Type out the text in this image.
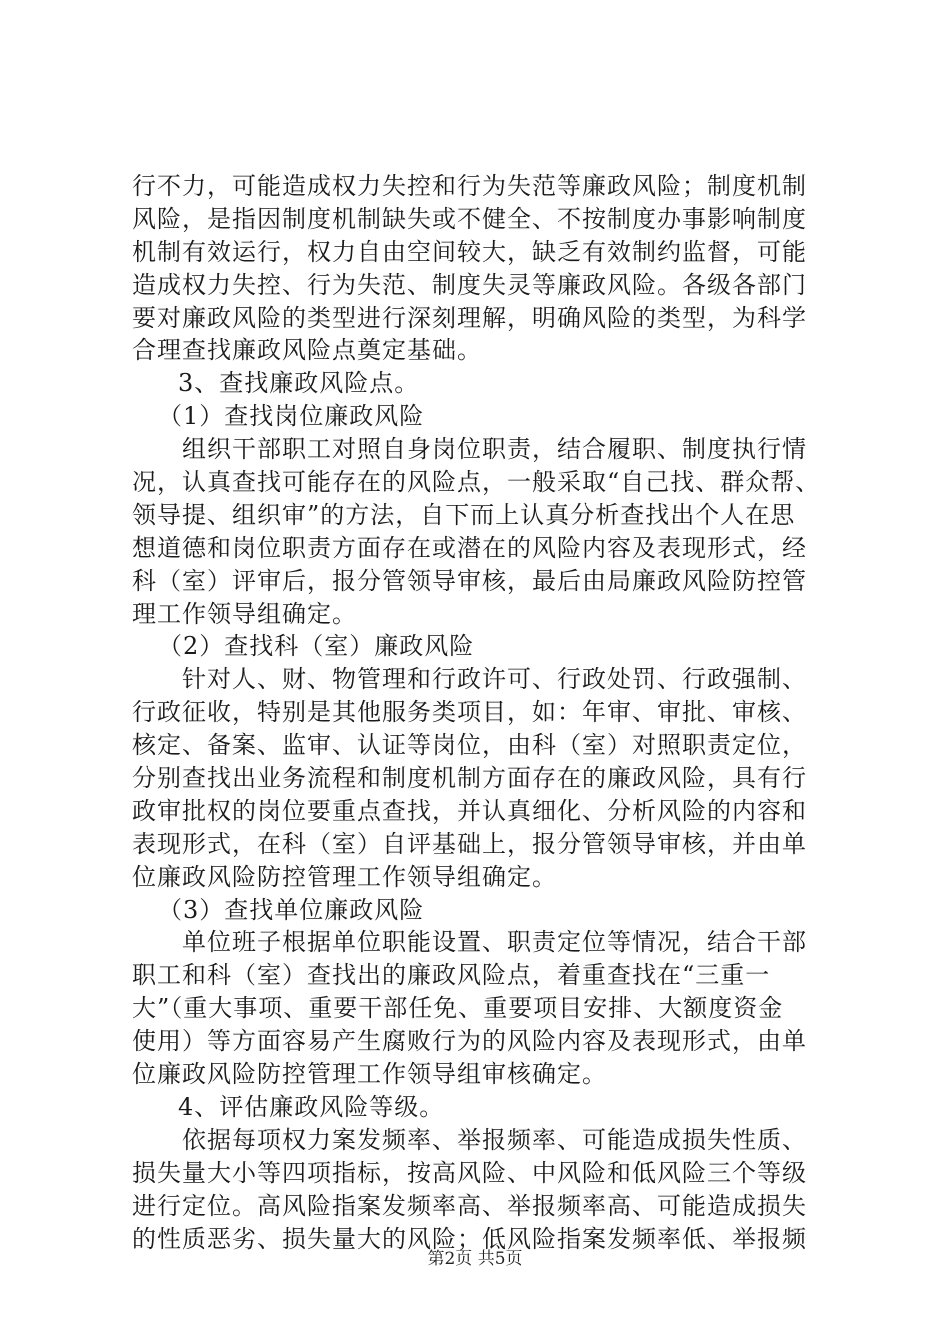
行不力，可能造成权力失控和行为失范等廉政风险；制度机制
风险，是指因制度机制缺失或不健全、不按制度办事影响制度
机制有效运行，权力自由空间较大，缺乏有效制约监督，可能
造成权力失控、行为失范、制度失灵等廉政风险。各级各部门
要对廉政风险的类型进行深刻理解，明确风险的类型，为科学
合理查找廉政风险点奠定基础。
3、查找廉政风险点。
（1）查找岗位廉政风险
组织干部职工对照自身岗位职责，结合履职、制度执行情
况，认真查找可能存在的风险点，一般采取“自己找、群众帮、
领导提、组织审”的方法，自下而上认真分析查找出个人在思
想道德和岗位职责方面存在或潜在的风险内容及表现形式，经
科（室）评审后，报分管领导审核，最后由局廉政风险防控管
理工作领导组确定。
（2）查找科（室）廉政风险
针对人、财、物管理和行政许可、行政处罚、行政强制、
行政征收，特别是其他服务类项目，如：年审、审批、审核、
核定、备案、监审、认证等岗位，由科（室）对照职责定位，
分别查找出业务流程和制度机制方面存在的廉政风险，具有行
政审批权的岗位要重点查找，并认真细化、分析风险的内容和
表现形式，在科（室）自评基础上，报分管领导审核，并由单
位廉政风险防控管理工作领导组确定。
（3）查找单位廉政风险
单位班子根据单位职能设置、职责定位等情况，结合干部
职工和科（室）查找出的廉政风险点，着重查找在“三重一
大”（重大事项、重要干部任免、重要项目安排、大额度资金
使用）等方面容易产生腐败行为的风险内容及表现形式，由单
位廉政风险防控管理工作领导组审核确定。
4、评估廉政风险等级。
依据每项权力案发频率、举报频率、可能造成损失性质、
损失量大小等四项指标，按高风险、中风险和低风险三个等级
进行定位。高风险指案发频率高、举报频率高、可能造成损失
的性质恶劣、损失量大的风险；低风险指案发频率低、举报频
第2页 共5页
